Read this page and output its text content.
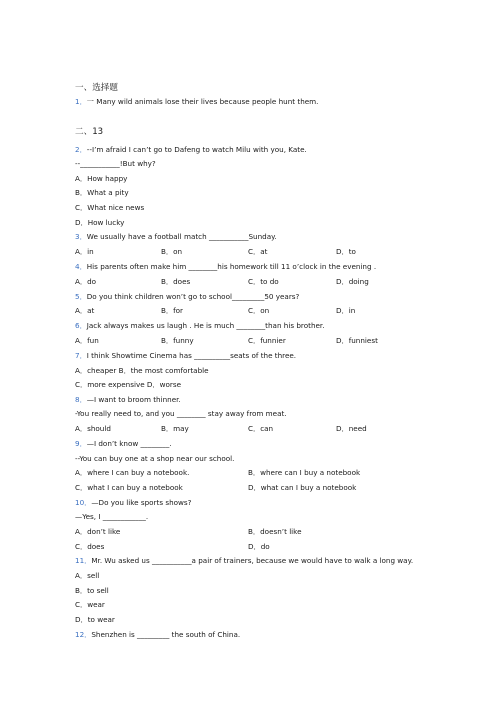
一、选择题
1．一 Many wild animals lose their lives because people hunt them.
二、13
2．--I’m afraid I can’t go to Dafeng to watch Milu with you, Kate.
--___________!But why?
A．How happy
B．What a pity
C．What nice news
D．How lucky
3．We usually have a football match ___________Sunday.
A．in	B．on	C．at	D．to
4．His parents often make him ________his homework till 11 o’clock in the evening .
A．do	B．does	C．to do	D．doing
5．Do you think children won’t go to school_________50 years?
A．at	B．for	C．on	D．in
6．Jack always makes us laugh . He is much ________than his brother.
A．fun	B．funny	C．funnier	D．funniest
7．I think Showtime Cinema has __________seats of the three.
A．cheaper B．the most comfortable
C．more expensive D．worse
8．—I want to broom thinner.
-You really need to, and you ________ stay away from meat.
A．should	B．may	C．can	D．need
9．—I don’t know ________.
--You can buy one at a shop near our school.
A．where I can buy a notebook.	B．where can I buy a notebook
C．what I can buy a notebook	D．what can I buy a notebook
10．—Do you like sports shows?
—Yes, I ____________.
A．don’t like	B．doesn’t like
C．does	D．do
11．Mr. Wu asked us ___________a pair of trainers, because we would have to walk a long way.
A．sell
B．to sell
C．wear
D．to wear
12．Shenzhen is _________ the south of China.
